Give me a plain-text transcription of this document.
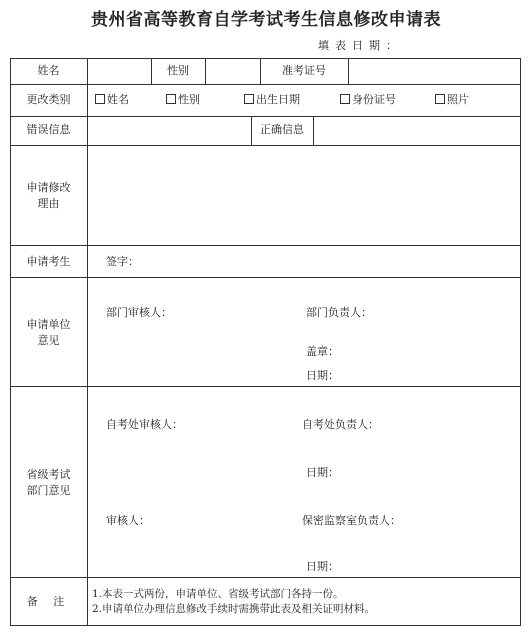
贵州省高等教育自学考试考生信息修改申请表
填表日期：
姓名	性别	准考证号
更改类别	姓名	性别	出生日期	身份证号	照片
错误信息	正确信息
申请修改
理由
申请考生	签字：
申请单位
意见
部门审核人：	部门负责人：
盖章：
日期：
省级考试
部门意见
自考处审核人：	自考处负责人：
日期：
审核人：	保密监察室负责人：
日期：
备 注
1.本表一式两份，申请单位、省级考试部门各持一份。
2.申请单位办理信息修改手续时需携带此表及相关证明材料。
